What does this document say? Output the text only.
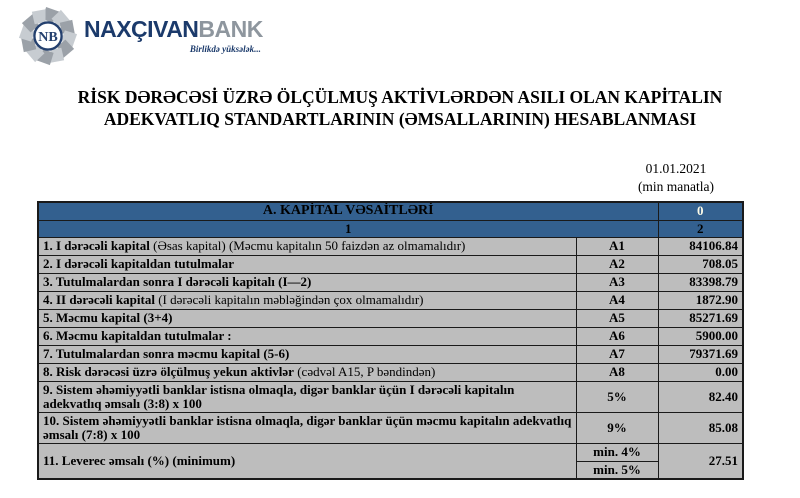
NB NAXÇIVANBANK
Birlikdə yüksələk...
RİSK DƏRƏCƏSİ ÜZRƏ ÖLÇÜLMUŞ AKTİVLƏRDƏN ASILI OLAN KAPİTALIN
ADEKVATLIQ STANDARTLARININ (ƏMSALLARININ) HESABLANMASI
01.01.2021
(min manatla)
A. KAPİTAL VƏSAİTLƏRİ		0
1		2
1. I dərəcəli kapital (Əsas kapital) (Məcmu kapitalın 50 faizdən az olmamalıdır)	A1	84106.84
2. I dərəcəli kapitaldan tutulmalar	A2	708.05
3. Tutulmalardan sonra I dərəcəli kapitalı (I—2)	A3	83398.79
4. II dərəcəli kapital (I dərəcəli kapitalın məbləğindən çox olmamalıdır)	A4	1872.90
5. Məcmu kapital (3+4)	A5	85271.69
6. Məcmu kapitaldan tutulmalar :	A6	5900.00
7. Tutulmalardan sonra məcmu kapital (5-6)	A7	79371.69
8. Risk dərəcəsi üzrə ölçülmuş yekun aktivlər (cədvəl A15, P bəndindən)	A8	0.00
9. Sistem əhəmiyyətli banklar istisna olmaqla, digər banklar üçün I dərəcəli kapitalın adekvatlıq əmsalı (3:8) x 100	5%	82.40
10. Sistem əhəmiyyətli banklar istisna olmaqla, digər banklar üçün məcmu kapitalın adekvatlıq əmsalı (7:8) x 100	9%	85.08
11. Leverec əmsalı (%) (minimum)	min. 4%	27.51
	min. 5%	
